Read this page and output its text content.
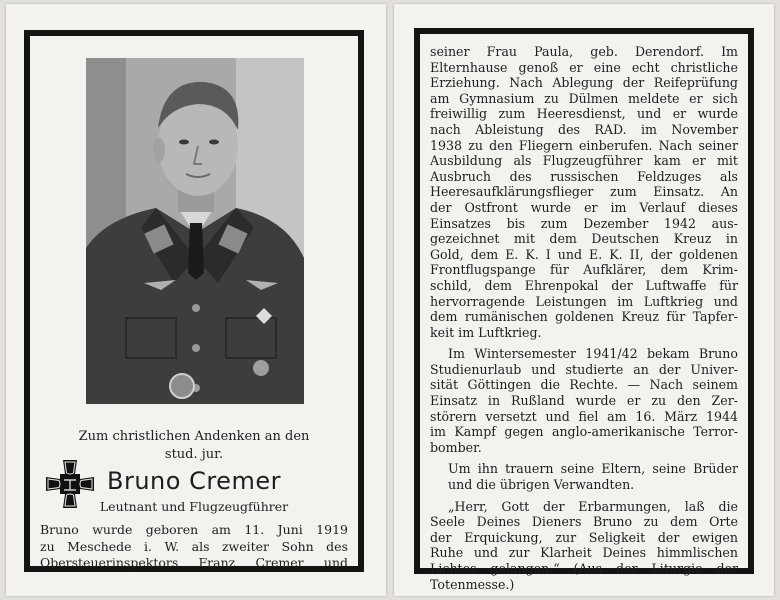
Zum christlichen Andenken an den
stud. jur.
Bruno Cremer
Leutnant und Flugzeugführer
Bruno wurde geboren am 11. Juni 1919
zu Meschede i. W. als zweiter Sohn des
Obersteuerinspektors Franz Cremer und
seiner Frau Paula, geb. Derendorf. Im
Elternhause genoß er eine echt christliche
Erziehung. Nach Ablegung der Reifeprüfung
am Gymnasium zu Dülmen meldete er sich
freiwillig zum Heeresdienst, und er wurde
nach Ableistung des RAD. im November
1938 zu den Fliegern einberufen. Nach seiner
Ausbildung als Flugzeugführer kam er mit
Ausbruch des russischen Feldzuges als
Heeresaufklärungsflieger zum Einsatz. An
der Ostfront wurde er im Verlauf dieses
Einsatzes bis zum Dezember 1942 aus-
gezeichnet mit dem Deutschen Kreuz in
Gold, dem E. K. I und E. K. II, der goldenen
Frontflugspange für Aufklärer, dem Krim-
schild, dem Ehrenpokal der Luftwaffe für
hervorragende Leistungen im Luftkrieg und
dem rumänischen goldenen Kreuz für Tapfer-
keit im Luftkrieg.
Im Wintersemester 1941/42 bekam Bruno
Studienurlaub und studierte an der Univer-
sität Göttingen die Rechte. — Nach seinem
Einsatz in Rußland wurde er zu den Zer-
störern versetzt und fiel am 16. März 1944
im Kampf gegen anglo-amerikanische Terror-
bomber.
Um ihn trauern seine Eltern, seine Brüder
und die übrigen Verwandten.
„Herr, Gott der Erbarmungen, laß die
Seele Deines Dieners Bruno zu dem Orte
der Erquickung, zur Seligkeit der ewigen
Ruhe und zur Klarheit Deines himmlischen
Lichtes gelangen.“ (Aus der Liturgie der
Totenmesse.)
